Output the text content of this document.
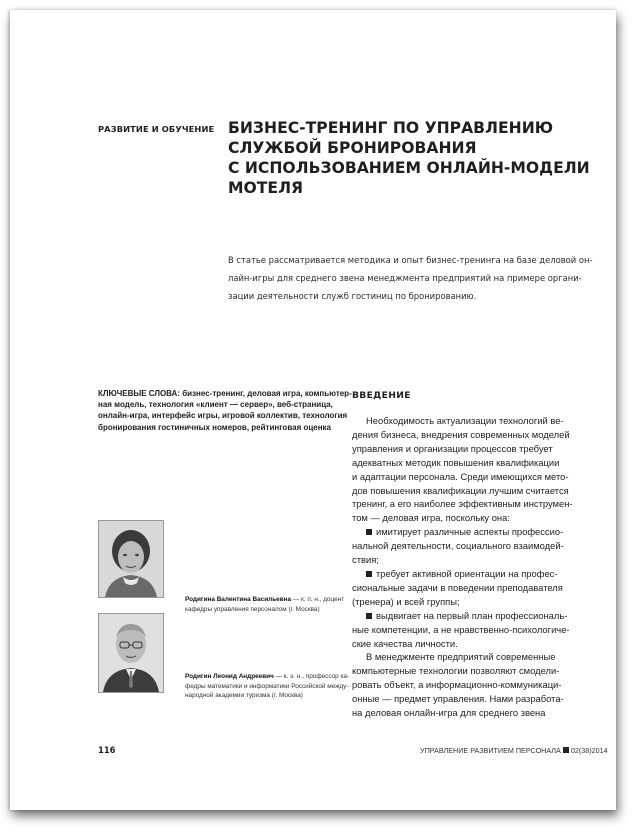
РАЗВИТИЕ И ОБУЧЕНИЕ БИЗНЕС-ТРЕНИНГ ПО УПРАВЛЕНИЮ
СЛУЖБОЙ БРОНИРОВАНИЯ
С ИСПОЛЬЗОВАНИЕМ ОНЛАЙН-МОДЕЛИ
МОТЕЛЯ
В статье рассматривается методика и опыт бизнес-тренинга на базе деловой он-
лайн-игры для среднего звена менеджмента предприятий на примере органи-
зации деятельности служб гостиниц по бронированию.
КЛЮЧЕВЫЕ СЛОВА: бизнес-тренинг, деловая игра, компьютер-
ная модель, технология «клиент — сервер», веб-страница,
онлайн-игра, интерфейс игры, игровой коллектив, технология
бронирования гостиничных номеров, рейтинговая оценка
ВВЕДЕНИЕ
Необходимость актуализации технологий ве-
дения бизнеса, внедрения современных моделей
управления и организации процессов требует
адекватных методик повышения квалификации
и адаптации персонала. Среди имеющихся мето-
дов повышения квалификации лучшим считается
тренинг, а его наиболее эффективным инструмен-
том — деловая игра, поскольку она:
имитирует различные аспекты профессио-
нальной деятельности, социального взаимодей-
ствия;
требует активной ориентации на профес-
сиональные задачи в поведении преподавателя
(тренера) и всей группы;
выдвигает на первый план профессиональ-
ные компетенции, а не нравственно-психологиче-
ские качества личности.
В менеджменте предприятий современные
компьютерные технологии позволяют смодели-
ровать объект, а информационно-коммуникаци-
онные — предмет управления. Нами разработа-
на деловая онлайн-игра для среднего звена
Родигина Валентина Васильевна — к. п. н., доцент
кафедры управления персоналом (г. Москва)
Родигин Леонид Андреевич — к. э. н., профессор ка-
федры математики и информатики Российской между-
народной академии туризма (г. Москва)
116	УПРАВЛЕНИЕ РАЗВИТИЕМ ПЕРСОНАЛА 02(38)2014
